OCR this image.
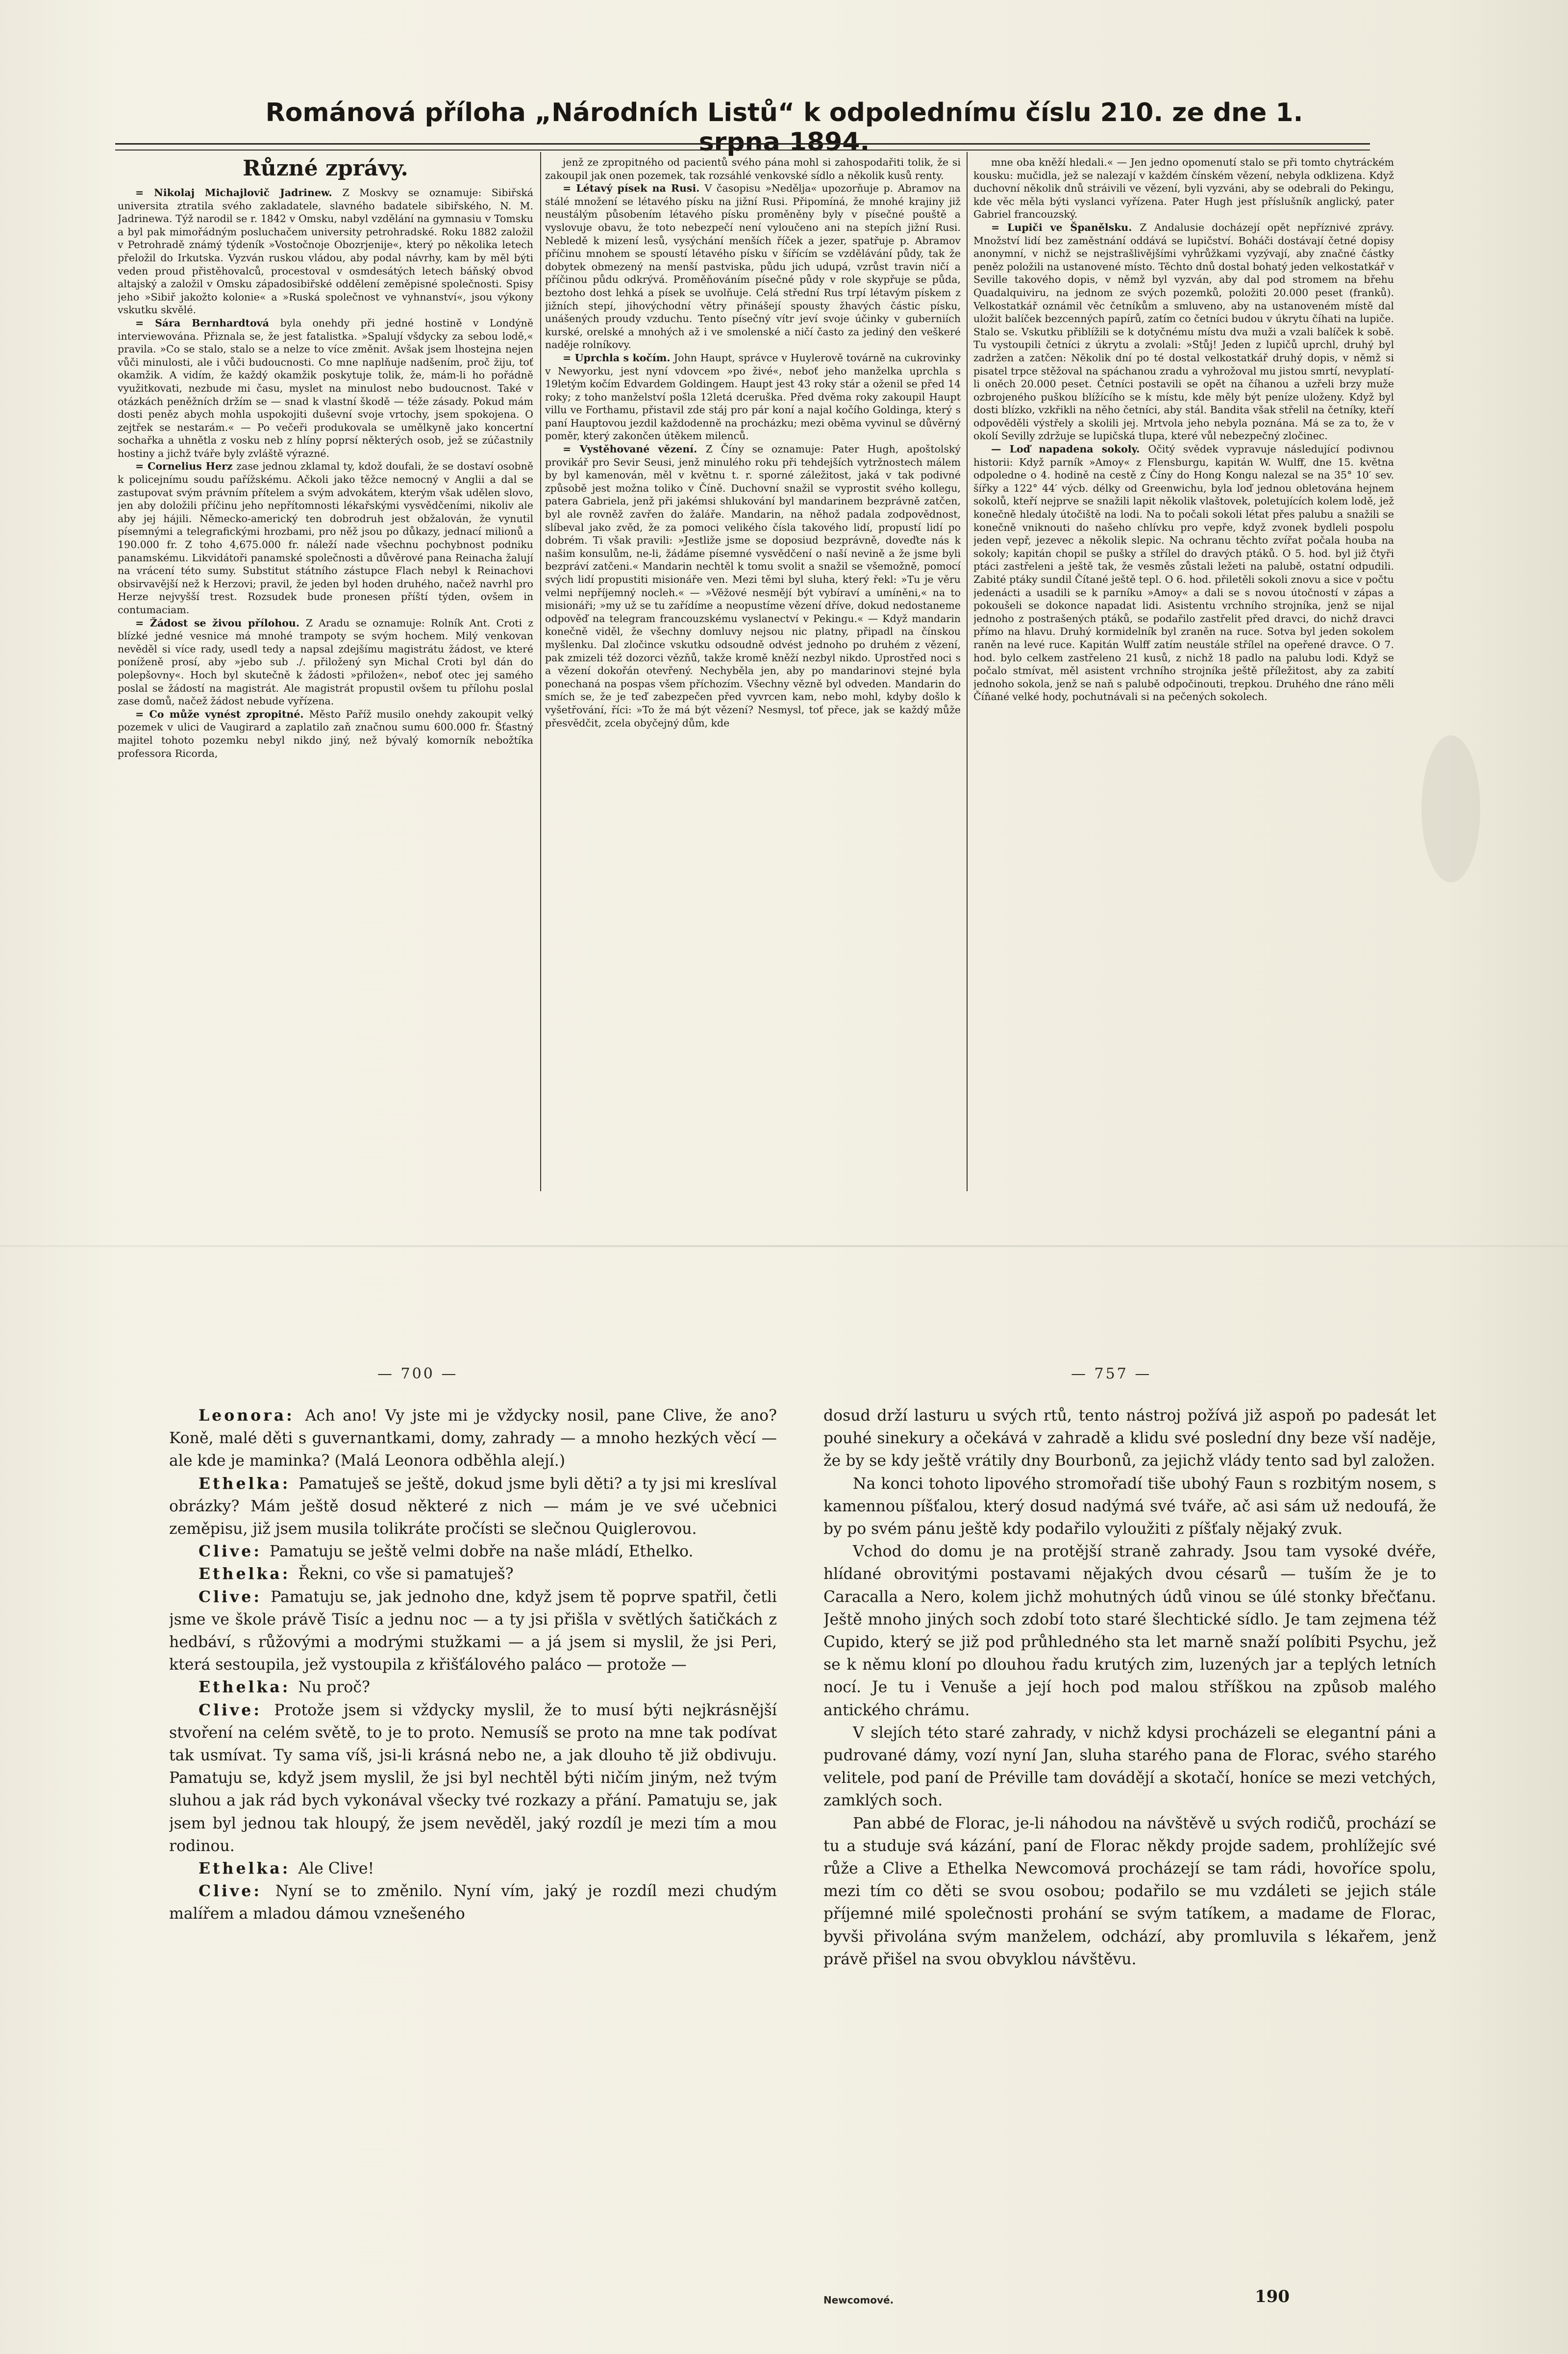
Románová příloha „Národních Listů“ k odpolednímu číslu 210. ze dne 1. srpna 1894.
Různé zprávy.

= Nikolaj Michajlovič Jadrinew. Z Moskvy se oznamuje: Sibiřská universita ztratila svého zakladatele, slavného badatele sibiřského, N. M. Jadrinewa. Týž narodil se r. 1842 v Omsku, nabyl vzdělání na gymnasiu v Tomsku a byl pak mimořádným posluchačem university petrohradské. Roku 1882 založil v Petrohradě známý týdeník »Vostočnoje Obozrjenije«, který po několika letech přeložil do Irkutska. Vyzván ruskou vládou, aby podal návrhy, kam by měl býti veden proud přistěhovalců, procestoval v osmdesátých letech báňský obvod altajský a založil v Omsku západosibiřské oddělení zeměpisné společnosti. Spisy jeho »Sibiř jakožto kolonie« a »Ruská společnost ve vyhnanství«, jsou výkony vskutku skvělé.

= Sára Bernhardtová byla onehdy při jedné hostině v Londýně interviewována. Přiznala se, že jest fatalistka. »Spalují všdycky za sebou lodě,« pravila. »Co se stalo, stalo se a nelze to více změnit. Avšak jsem lhostejna nejen vůči minulosti, ale i vůči budoucnosti. Co mne naplňuje nadšením, proč žiju, toť okamžik. A vidím, že každý okamžik poskytuje tolik, že, mám-li ho pořádně využitkovati, nezbude mi času, myslet na minulost nebo budoucnost. Také v otázkách peněžních držím se — snad k vlastní škodě — téže zásady. Pokud mám dosti peněz abych mohla uspokojiti duševní svoje vrtochy, jsem spokojena. O zejtřek se nestarám.« — Po večeři produkovala se umělkyně jako koncertní sochařka a uhnětla z vosku neb z hlíny poprsí některých osob, jež se zúčastnily hostiny a jichž tváře byly zvláště výrazné.

= Cornelius Herz zase jednou zklamal ty, kdož doufali, že se dostaví osobně k policejnímu soudu pařížskému. Ačkoli jako těžce nemocný v Anglii a dal se zastupovat svým právním přítelem a svým advokátem, kterým však udělen slovo, jen aby doložili příčinu jeho nepřítomnosti lékařskými vysvědčeními, nikoliv ale aby jej hájili. Německo-americký ten dobrodruh jest obžalován, že vynutil písemnými a telegrafickými hrozbami, pro něž jsou po důkazy, jednací milionů a 190.000 fr. Z toho 4,675.000 fr. náleží nade všechnu pochybnost podniku panamskému. Likvidátoři panamské společnosti a důvěrové pana Reinacha žalují na vrácení této sumy. Substitut státního zástupce Flach nebyl k Reinachovi obsirvavější než k Herzovi; pravil, že jeden byl hoden druhého, načež navrhl pro Herze nejvyšší trest. Rozsudek bude pronesen příští týden, ovšem in contumaciam.

= Žádost se živou přílohou. Z Aradu se oznamuje: Rolník Ant. Croti z blízké jedné vesnice má mnohé trampoty se svým hochem. Milý venkovan nevěděl si více rady, usedl tedy a napsal zdejšímu magistrátu žádost, ve které poníženě prosí, aby »jebo sub ./. přiložený syn Michal Croti byl dán do polepšovny«. Hoch byl skutečně k žádosti »přiložen«, neboť otec jej samého poslal se žádostí na magistrát. Ale magistrát propustil ovšem tu přílohu poslal zase domů, načež žádost nebude vyřízena.

= Co může vynést zpropitné. Město Paříž musilo onehdy zakoupit velký pozemek v ulici de Vaugirard a zaplatilo zaň značnou sumu 600.000 fr. Šťastný majitel tohoto pozemku nebyl nikdo jiný, než bývalý komorník nebožtíka professora Ricorda,

jenž ze zpropitného od pacientů svého pána mohl si zahospodařiti tolik, že si zakoupil jak onen pozemek, tak rozsáhlé venkovské sídlo a několik kusů renty.

= Létavý písek na Rusi. V časopisu »Nedělja« upozorňuje p. Abramov na stálé množení se létavého písku na jižní Rusi. Připomíná, že mnohé krajiny již neustálým působením létavého písku proměněny byly v písečné pouště a vyslovuje obavu, že toto nebezpečí není vyloučeno ani na stepích jižní Rusi. Nebledě k mizení lesů, vysýchání menších říček a jezer, spatřuje p. Abramov příčinu mnohem se spoustí létavého písku v šířícím se vzdělávání půdy, tak že dobytek obmezený na menší pastviska, půdu jich udupá, vzrůst travin ničí a příčinou půdu odkrývá. Proměňováním písečné půdy v role skypřuje se půda, beztoho dost lehká a písek se uvolňuje. Celá střední Rus trpí létavým pískem z jižních stepí, jihovýchodní větry přinášejí spousty žhavých částic písku, unášených proudy vzduchu. Tento písečný vítr jeví svoje účinky v guberniích kurské, orelské a mnohých až i ve smolenské a ničí často za jediný den veškeré naděje rolníkovy.

= Uprchla s kočím. John Haupt, správce v Huylerově továrně na cukrovinky v Newyorku, jest nyní vdovcem »po živé«, neboť jeho manželka uprchla s 19letým kočím Edvardem Goldingem. Haupt jest 43 roky stár a oženil se před 14 roky; z toho manželství pošla 12letá dceruška. Před dvěma roky zakoupil Haupt villu ve Forthamu, přistavil zde stáj pro pár koní a najal kočího Goldinga, který s paní Hauptovou jezdil každodenně na procházku; mezi oběma vyvinul se důvěrný poměr, který zakončen útěkem milenců.

= Vystěhované vězení. Z Číny se oznamuje: Pater Hugh, apoštolský provikář pro Sevir Seusi, jenž minulého roku při tehdejších vytržnostech málem by byl kamenován, měl v květnu t. r. sporné záležitost, jaká v tak podivné způsobě jest možna toliko v Číně. Duchovní snažil se vyprostit svého kollegu, patera Gabriela, jenž při jakémsi shlukování byl mandarinem bezprávně zatčen, byl ale rovněž zavřen do žaláře. Mandarin, na něhož padala zodpovědnost, slíbeval jako zvěd, že za pomoci velikého čísla takového lidí, propustí lidí po dobrém. Ti však pravili: »Jestliže jsme se doposiud bezprávně, doveďte nás k našim konsulům, ne-li, žádáme písemné vysvědčení o naší nevině a že jsme byli bezpráví zatčeni.« Mandarin nechtěl k tomu svolit a snažil se všemožně, pomocí svých lidí propustiti misionáře ven. Mezi těmi byl sluha, který řekl: »Tu je věru velmi nepříjemný nocleh.« — »Věžové nesmějí být vybíraví a umíněni,« na to misionáři; »my už se tu zařídíme a neopustíme vězení dříve, dokud nedostaneme odpověď na telegram francouzskému vyslanectví v Pekingu.« — Když mandarin konečně viděl, že všechny domluvy nejsou nic platny, připadl na čínskou myšlenku. Dal zločince vskutku odsoudně odvést jednoho po druhém z vězení, pak zmizeli též dozorci vězňů, takže kromě kněží nezbyl nikdo. Uprostřed noci s a vězení dokořán otevřený. Nechyběla jen, aby po mandarinovi stejné byla ponechaná na pospas všem příchozím. Všechny vězně byl odveden. Mandarin do smích se, že je teď zabezpečen před vyvrcen kam, nebo mohl, kdyby došlo k vyšetřování, říci: »To že má být vězení? Nesmysl, toť přece, jak se každý může přesvědčit, zcela obyčejný dům, kde

mne oba kněží hledali.« — Jen jedno opomenutí stalo se při tomto chytráckém kousku: mučidla, jež se nalezají v každém čínském vězení, nebyla odklizena. Když duchovní několik dnů stráivili ve vězení, byli vyzváni, aby se odebrali do Pekingu, kde věc měla býti vyslanci vyřízena. Pater Hugh jest příslušník anglický, pater Gabriel francouzský.

= Lupiči ve Španělsku. Z Andalusie docházejí opět nepříznivé zprávy. Množství lidí bez zaměstnání oddává se lupičství. Boháči dostávají četné dopisy anonymní, v nichž se nejstrašlivějšími vyhrůžkami vyzývají, aby značné částky peněz položili na ustanovené místo. Těchto dnů dostal bohatý jeden velkostatkář v Seville takového dopis, v němž byl vyzván, aby dal pod stromem na břehu Quadalquiviru, na jednom ze svých pozemků, položiti 20.000 peset (franků). Velkostatkář oznámil věc četníkům a smluveno, aby na ustanoveném místě dal uložit balíček bezcenných papírů, zatím co četníci budou v úkrytu číhati na lupiče. Stalo se. Vskutku přiblížili se k dotyčnému místu dva muži a vzali balíček k sobě. Tu vystoupili četníci z úkrytu a zvolali: »Stůj! Jeden z lupičů uprchl, druhý byl zadržen a zatčen: Několik dní po té dostal velkostatkář druhý dopis, v němž si pisatel trpce stěžoval na spáchanou zradu a vyhrožoval mu jistou smrtí, nevyplatí-li oněch 20.000 peset. Četníci postavili se opět na číhanou a uzřeli brzy muže ozbrojeného puškou blížícího se k místu, kde měly být peníze uloženy. Když byl dosti blízko, vzkřikli na něho četníci, aby stál. Bandita však střelil na četníky, kteří odpověděli výstřely a skolili jej. Mrtvola jeho nebyla poznána. Má se za to, že v okolí Sevilly zdržuje se lupičská tlupa, které vůl nebezpečný zločinec.

— Loď napadena sokoly. Očitý svědek vypravuje následující podivnou historii: Když parník »Amoy« z Flensburgu, kapitán W. Wulff, dne 15. května odpoledne o 4. hodině na cestě z Číny do Hong Kongu nalezal se na 35° 10′ sev. šířky a 122° 44′ výcb. délky od Greenwichu, byla loď jednou obletována hejnem sokolů, kteří nejprve se snažili lapit několik vlaštovek, poletujících kolem lodě, jež konečně hledaly útočiště na lodi. Na to počali sokoli létat přes palubu a snažili se konečně vniknouti do našeho chlívku pro vepře, když zvonek bydleli pospolu jeden vepř, jezevec a několik slepic. Na ochranu těchto zvířat počala houba na sokoly; kapitán chopil se pušky a střílel do dravých ptáků. O 5. hod. byl již čtyři ptáci zastřeleni a ještě tak, že vesměs zůstali ležeti na palubě, ostatní odpudili. Zabité ptáky sundil Čítané ještě tepl. O 6. hod. přiletěli sokoli znovu a sice v počtu jedenácti a usadili se k parníku »Amoy« a dali se s novou útočností v zápas a pokoušeli se dokonce napadat lidi. Asistentu vrchního strojníka, jenž se nijal jednoho z postrašených ptáků, se podařilo zastřelit před dravci, do nichž dravci přímo na hlavu. Druhý kormidelník byl zraněn na ruce. Sotva byl jeden sokolem raněn na levé ruce. Kapitán Wulff zatím neustále střílel na opeřené dravce. O 7. hod. bylo celkem zastřeleno 21 kusů, z nichž 18 padlo na palubu lodi. Když se počalo stmívat, měl asistent vrchního strojníka ještě příležitost, aby za zabití jednoho sokola, jenž se naň s palubě odpočinouti, trepkou. Druhého dne ráno měli Číňané velké hody, pochutnávali si na pečených sokolech.

— 700 —	— 757 —

Leonora: Ach ano! Vy jste mi je vždycky nosil, pane Clive, že ano? Koně, malé děti s guvernantkami, domy, zahrady — a mnoho hezkých věcí — ale kde je maminka? (Malá Leonora odběhla alejí.)

Ethelka: Pamatuješ se ještě, dokud jsme byli děti? a ty jsi mi kreslíval obrázky? Mám ještě dosud některé z nich — mám je ve své učebnici zeměpisu, již jsem musila tolikráte pročísti se slečnou Quiglerovou.

Clive: Pamatuju se ještě velmi dobře na naše mládí, Ethelko.

Ethelka: Řekni, co vše si pamatuješ?

Clive: Pamatuju se, jak jednoho dne, když jsem tě poprve spatřil, četli jsme ve škole právě Tisíc a jednu noc — a ty jsi přišla v světlých šatičkách z hedbáví, s růžovými a modrými stužkami — a já jsem si myslil, že jsi Peri, která sestoupila, jež vystoupila z křišťálového paláco — protože —

Ethelka: Nu proč?

Clive: Protože jsem si vždycky myslil, že to musí býti nejkrásnější stvoření na celém světě, to je to proto. Nemusíš se proto na mne tak podívat tak usmívat. Ty sama víš, jsi-li krásná nebo ne, a jak dlouho tě již obdivuju. Pamatuju se, když jsem myslil, že jsi byl nechtěl býti ničím jiným, než tvým sluhou a jak rád bych vykonával všecky tvé rozkazy a přání. Pamatuju se, jak jsem byl jednou tak hloupý, že jsem nevěděl, jaký rozdíl je mezi tím a mou rodinou.

Ethelka: Ale Clive!

Clive: Nyní se to změnilo. Nyní vím, jaký je rozdíl mezi chudým malířem a mladou dámou vznešeného

dosud drží lasturu u svých rtů, tento nástroj požívá již aspoň po padesát let pouhé sinekury a očekává v zahradě a klidu své poslední dny beze vší naděje, že by se kdy ještě vrátily dny Bourbonů, za jejichž vlády tento sad byl založen.

Na konci tohoto lipového stromořadí tiše ubohý Faun s rozbitým nosem, s kamennou píšťalou, který dosud nadýmá své tváře, ač asi sám už nedoufá, že by po svém pánu ještě kdy podařilo vyloužiti z píšťaly nějaký zvuk.

Vchod do domu je na protější straně zahrady. Jsou tam vysoké dvéře, hlídané obrovitými postavami nějakých dvou césarů — tuším že je to Caracalla a Nero, kolem jichž mohutných údů vinou se úlé stonky břečťanu. Ještě mnoho jiných soch zdobí toto staré šlechtické sídlo. Je tam zejmena též Cupido, který se již pod průhledného sta let marně snaží políbiti Psychu, jež se k němu kloní po dlouhou řadu krutých zim, luzených jar a teplých letních nocí. Je tu i Venuše a její hoch pod malou stříškou na způsob malého antického chrámu.

V slejích této staré zahrady, v nichž kdysi procházeli se elegantní páni a pudrované dámy, vozí nyní Jan, sluha starého pana de Florac, svého starého velitele, pod paní de Préville tam dovádějí a skotačí, honíce se mezi vetchých, zamklých soch.

Pan abbé de Florac, je-li náhodou na návštěvě u svých rodičů, prochází se tu a studuje svá kázání, paní de Florac někdy projde sadem, prohlížejíc své růže a Clive a Ethelka Newcomová procházejí se tam rádi, hovoříce spolu, mezi tím co děti se svou osobou; podařilo se mu vzdáleti se jejich stále příjemné milé společnosti prohání se svým tatíkem, a madame de Florac, byvši přivolána svým manželem, odchází, aby promluvila s lékařem, jenž právě přišel na svou obvyklou návštěvu.

Newcomové.	190
